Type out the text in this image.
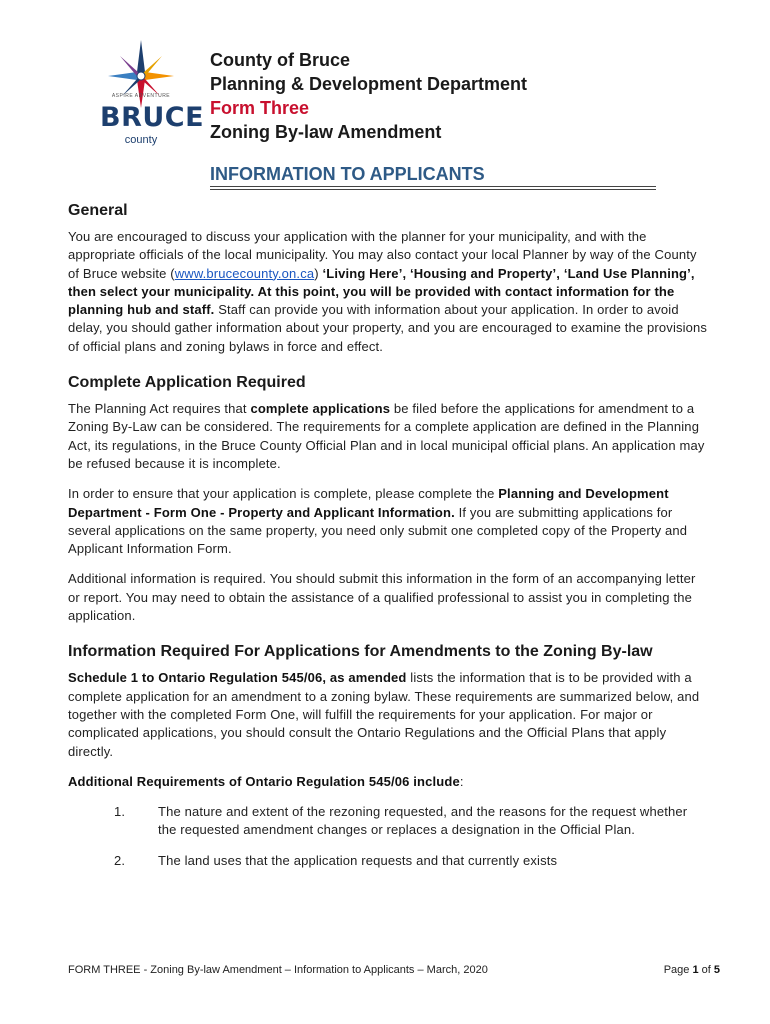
ASPIRE ADVENTURE
BRUCE
county
County of Bruce
Planning & Development Department
Form Three
Zoning By-law Amendment
INFORMATION TO APPLICANTS
General

You are encouraged to discuss your application with the planner for your municipality, and with the appropriate officials of the local municipality. You may also contact your local Planner by way of the County of Bruce website (www.brucecounty.on.ca) ‘Living Here’, ‘Housing and Property’, ‘Land Use Planning’, then select your municipality. At this point, you will be provided with contact information for the planning hub and staff. Staff can provide you with information about your application. In order to avoid delay, you should gather information about your property, and you are encouraged to examine the provisions of official plans and zoning bylaws in force and effect.

Complete Application Required

The Planning Act requires that complete applications be filed before the applications for amendment to a Zoning By-Law can be considered. The requirements for a complete application are defined in the Planning Act, its regulations, in the Bruce County Official Plan and in local municipal official plans. An application may be refused because it is incomplete.

In order to ensure that your application is complete, please complete the Planning and Development Department - Form One - Property and Applicant Information. If you are submitting applications for several applications on the same property, you need only submit one completed copy of the Property and Applicant Information Form.

Additional information is required. You should submit this information in the form of an accompanying letter or report. You may need to obtain the assistance of a qualified professional to assist you in completing the application.

Information Required For Applications for Amendments to the Zoning By-law

Schedule 1 to Ontario Regulation 545/06, as amended lists the information that is to be provided with a complete application for an amendment to a zoning bylaw. These requirements are summarized below, and together with the completed Form One, will fulfill the requirements for your application. For major or complicated applications, you should consult the Ontario Regulations and the Official Plans that apply directly.

Additional Requirements of Ontario Regulation 545/06 include:

1.	The nature and extent of the rezoning requested, and the reasons for the request whether the requested amendment changes or replaces a designation in the Official Plan.
2.	The land uses that the application requests and that currently exists
FORM THREE - Zoning By-law Amendment – Information to Applicants – March, 2020	Page 1 of 5
